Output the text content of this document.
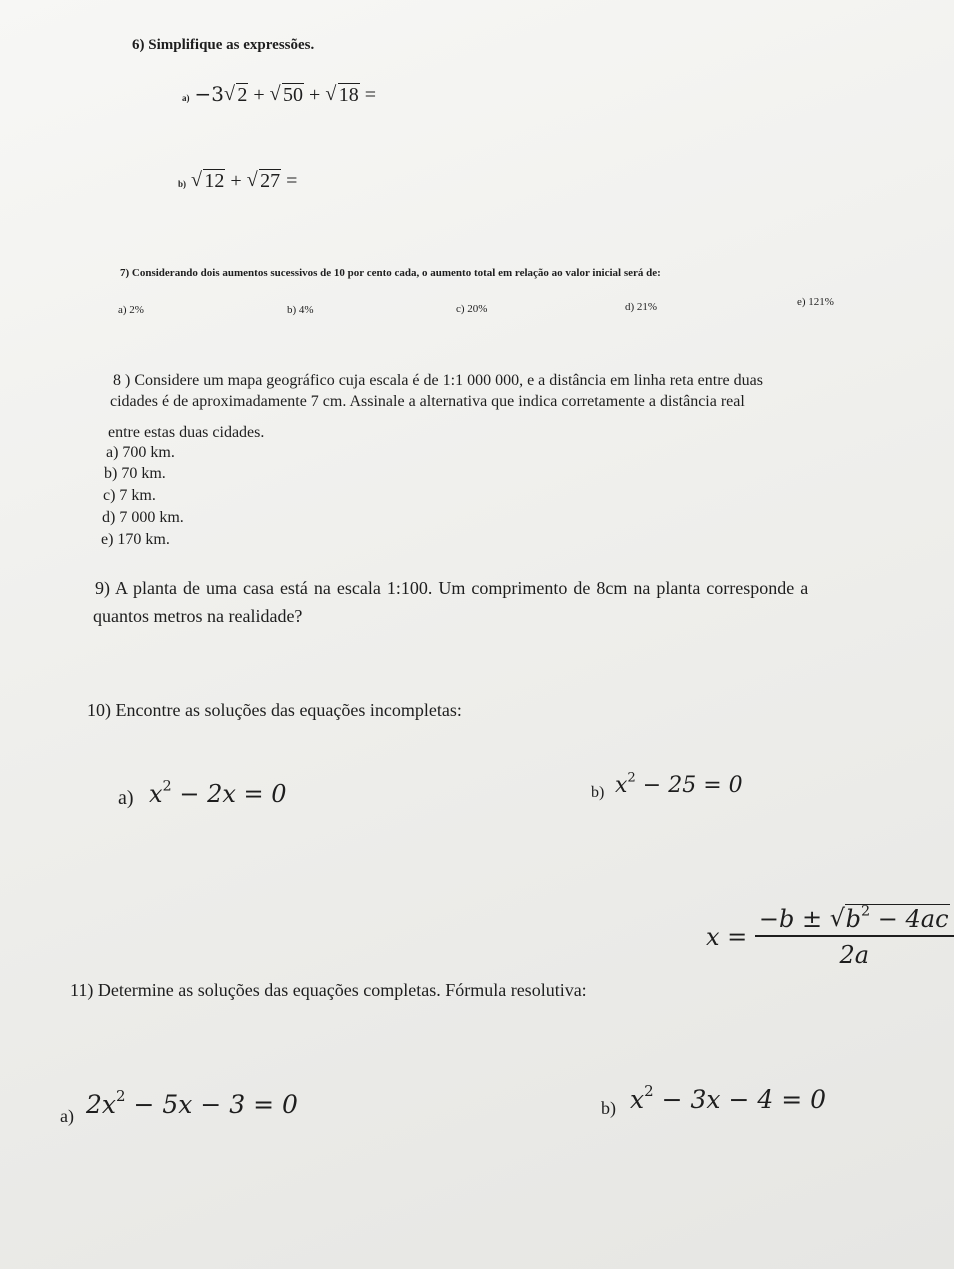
6) Simplifique as expressões.
a) −3 √ 2 + √ 50 + √ 18 =
b) √ 12 + √ 27 =
7) Considerando dois aumentos sucessivos de 10 por cento cada, o aumento total em relação ao valor inicial será de:
a) 2%	b) 4%	c) 20%	d) 21%	e) 121%
8 ) Considere um mapa geográfico cuja escala é de 1:1 000 000, e a distância em linha reta entre duas
cidades é de aproximadamente 7 cm. Assinale a alternativa que indica corretamente a distância real
entre estas duas cidades.
a) 700 km.
b) 70 km.
c) 7 km.
d) 7 000 km.
e) 170 km.
9) A planta de uma casa está na escala 1:100. Um comprimento de 8cm na planta corresponde a
quantos metros na realidade?
10) Encontre as soluções das equações incompletas:
a) $x^2 - 2x = 0$	b) $x^2 - 25 = 0$
11) Determine as soluções das equações completas. Fórmula resolutiva:
$x = \frac{-b \pm √ b^2 - 4ac}{2a}$
a) $2x^2 - 5x - 3 = 0$	b) $x^2 - 3x - 4 = 0$
